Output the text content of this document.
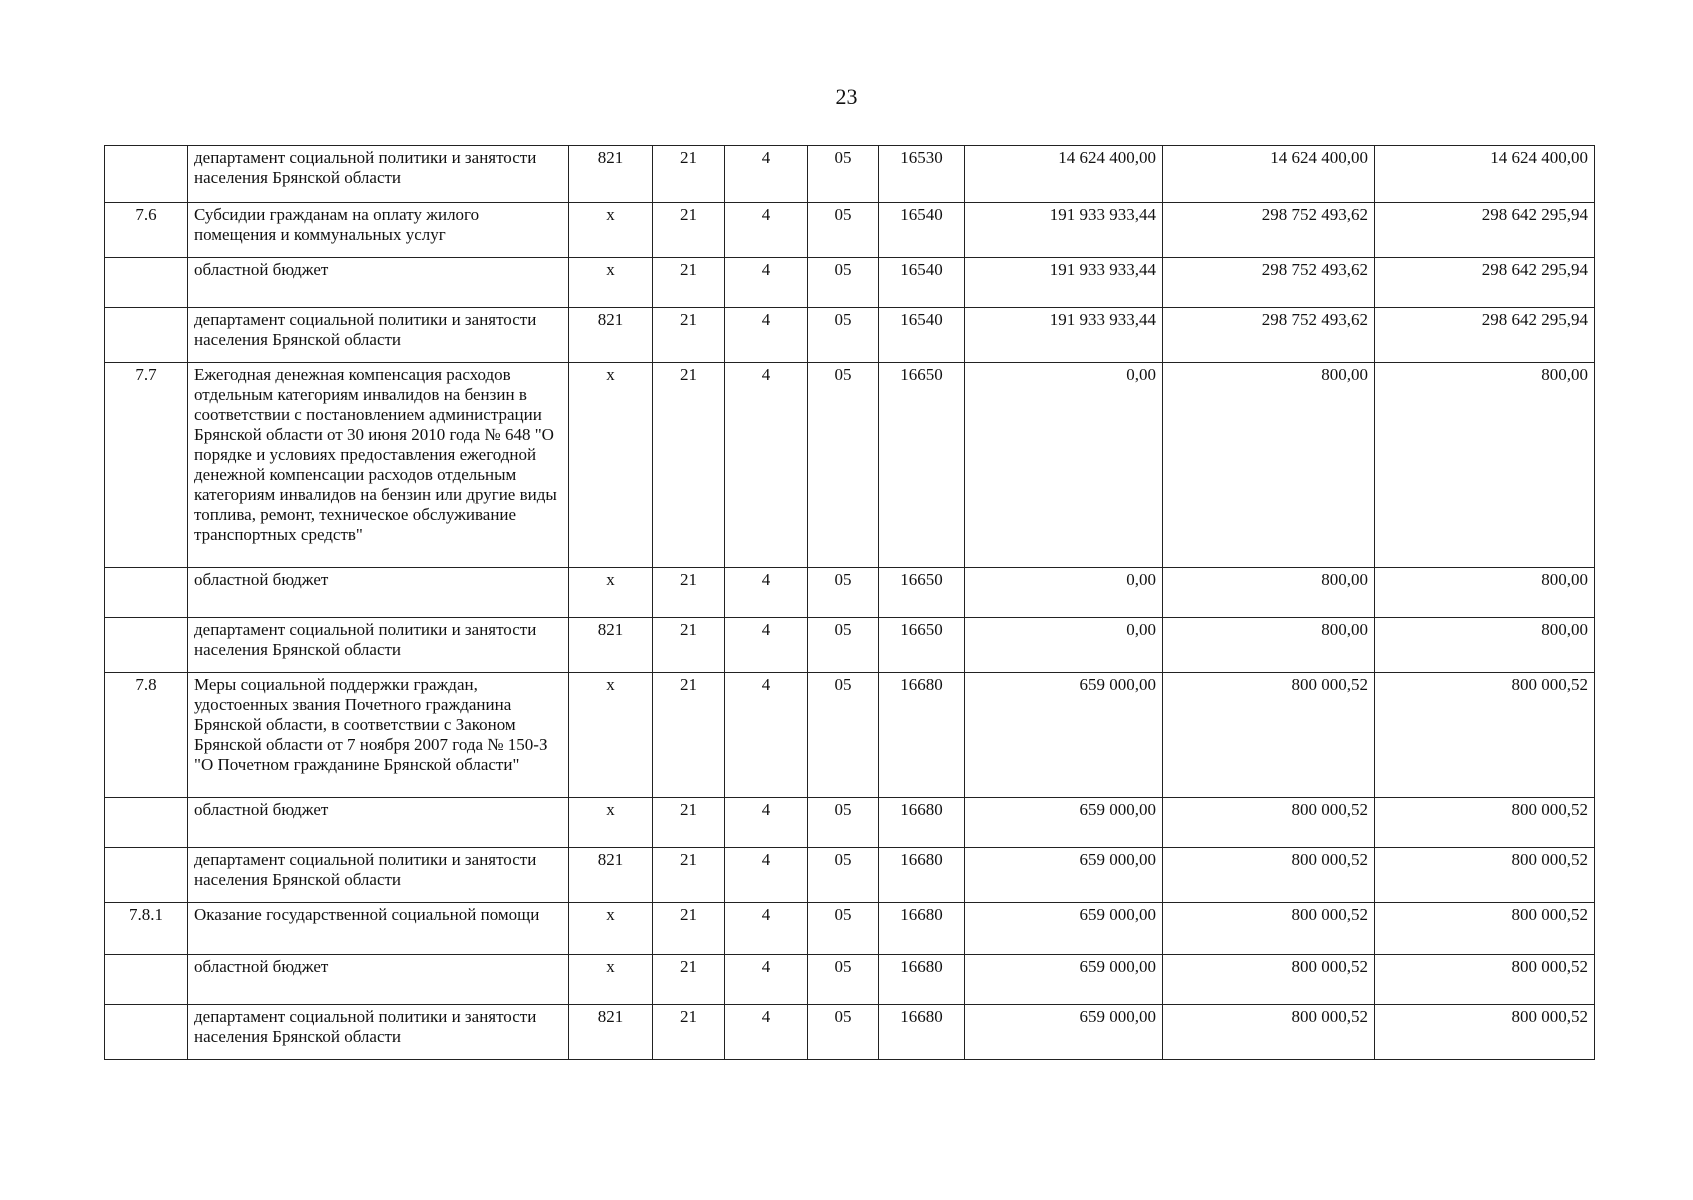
23
	департамент социальной политики и занятости населения Брянской области	821	21	4	05	16530	14 624 400,00	14 624 400,00	14 624 400,00
7.6	Субсидии гражданам на оплату жилого помещения и коммунальных услуг	х	21	4	05	16540	191 933 933,44	298 752 493,62	298 642 295,94
	областной бюджет	х	21	4	05	16540	191 933 933,44	298 752 493,62	298 642 295,94
	департамент социальной политики и занятости населения Брянской области	821	21	4	05	16540	191 933 933,44	298 752 493,62	298 642 295,94
7.7	Ежегодная денежная компенсация расходов отдельным категориям инвалидов на бензин в соответствии с постановлением администрации Брянской области от 30 июня 2010 года № 648 "О порядке и условиях предоставления ежегодной денежной компенсации расходов отдельным категориям инвалидов на бензин или другие виды топлива, ремонт, техническое обслуживание транспортных средств"	х	21	4	05	16650	0,00	800,00	800,00
	областной бюджет	х	21	4	05	16650	0,00	800,00	800,00
	департамент социальной политики и занятости населения Брянской области	821	21	4	05	16650	0,00	800,00	800,00
7.8	Меры социальной поддержки граждан, удостоенных звания Почетного гражданина Брянской области, в соответствии с Законом Брянской области от 7 ноября 2007 года № 150-З "О Почетном гражданине Брянской области"	х	21	4	05	16680	659 000,00	800 000,52	800 000,52
	областной бюджет	х	21	4	05	16680	659 000,00	800 000,52	800 000,52
	департамент социальной политики и занятости населения Брянской области	821	21	4	05	16680	659 000,00	800 000,52	800 000,52
7.8.1	Оказание государственной социальной помощи	х	21	4	05	16680	659 000,00	800 000,52	800 000,52
	областной бюджет	х	21	4	05	16680	659 000,00	800 000,52	800 000,52
	департамент социальной политики и занятости населения Брянской области	821	21	4	05	16680	659 000,00	800 000,52	800 000,52
